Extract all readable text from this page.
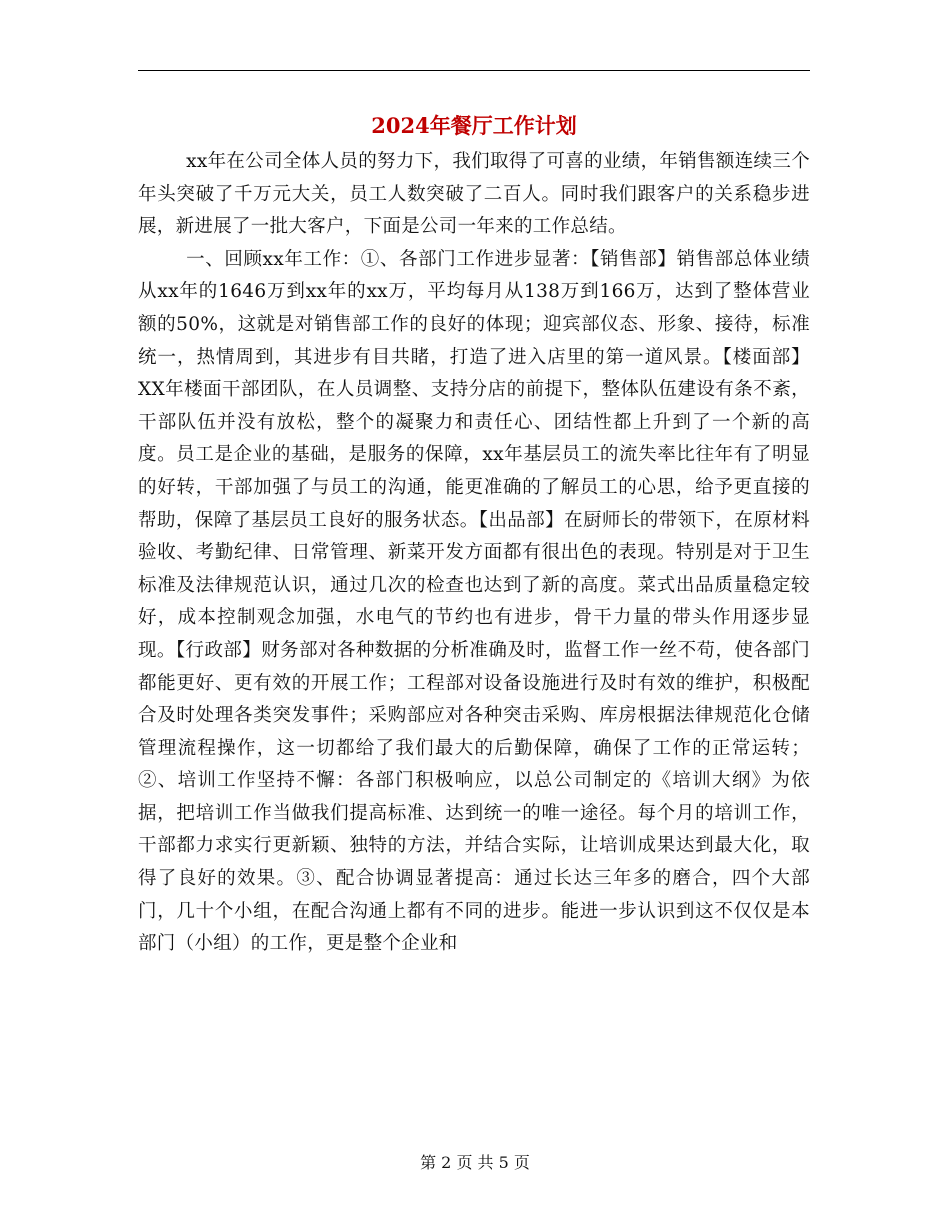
2024年餐厅工作计划

xx年在公司全体人员的努力下，我们取得了可喜的业绩，年销售额连续三个年头突破了千万元大关，员工人数突破了二百人。同时我们跟客户的关系稳步进展，新进展了一批大客户，下面是公司一年来的工作总结。

一、回顾xx年工作：①、各部门工作进步显著：【销售部】销售部总体业绩从xx年的1646万到xx年的xx万，平均每月从138万到166万，达到了整体营业额的50%，这就是对销售部工作的良好的体现；迎宾部仪态、形象、接待，标准统一，热情周到，其进步有目共睹，打造了进入店里的第一道风景。【楼面部】XX年楼面干部团队，在人员调整、支持分店的前提下，整体队伍建设有条不紊，干部队伍并没有放松，整个的凝聚力和责任心、团结性都上升到了一个新的高度。员工是企业的基础，是服务的保障，xx年基层员工的流失率比往年有了明显的好转，干部加强了与员工的沟通，能更准确的了解员工的心思，给予更直接的帮助，保障了基层员工良好的服务状态。【出品部】在厨师长的带领下，在原材料验收、考勤纪律、日常管理、新菜开发方面都有很出色的表现。特别是对于卫生标准及法律规范认识，通过几次的检查也达到了新的高度。菜式出品质量稳定较好，成本控制观念加强，水电气的节约也有进步，骨干力量的带头作用逐步显现。【行政部】财务部对各种数据的分析准确及时，监督工作一丝不苟，使各部门都能更好、更有效的开展工作；工程部对设备设施进行及时有效的维护，积极配合及时处理各类突发事件；采购部应对各种突击采购、库房根据法律规范化仓储管理流程操作，这一切都给了我们最大的后勤保障，确保了工作的正常运转；②、培训工作坚持不懈：各部门积极响应，以总公司制定的《培训大纲》为依据，把培训工作当做我们提高标准、达到统一的唯一途径。每个月的培训工作，干部都力求实行更新颖、独特的方法，并结合实际，让培训成果达到最大化，取得了良好的效果。③、配合协调显著提高：通过长达三年多的磨合，四个大部门，几十个小组，在配合沟通上都有不同的进步。能进一步认识到这不仅仅是本部门（小组）的工作，更是整个企业和

第 2 页 共 5 页
